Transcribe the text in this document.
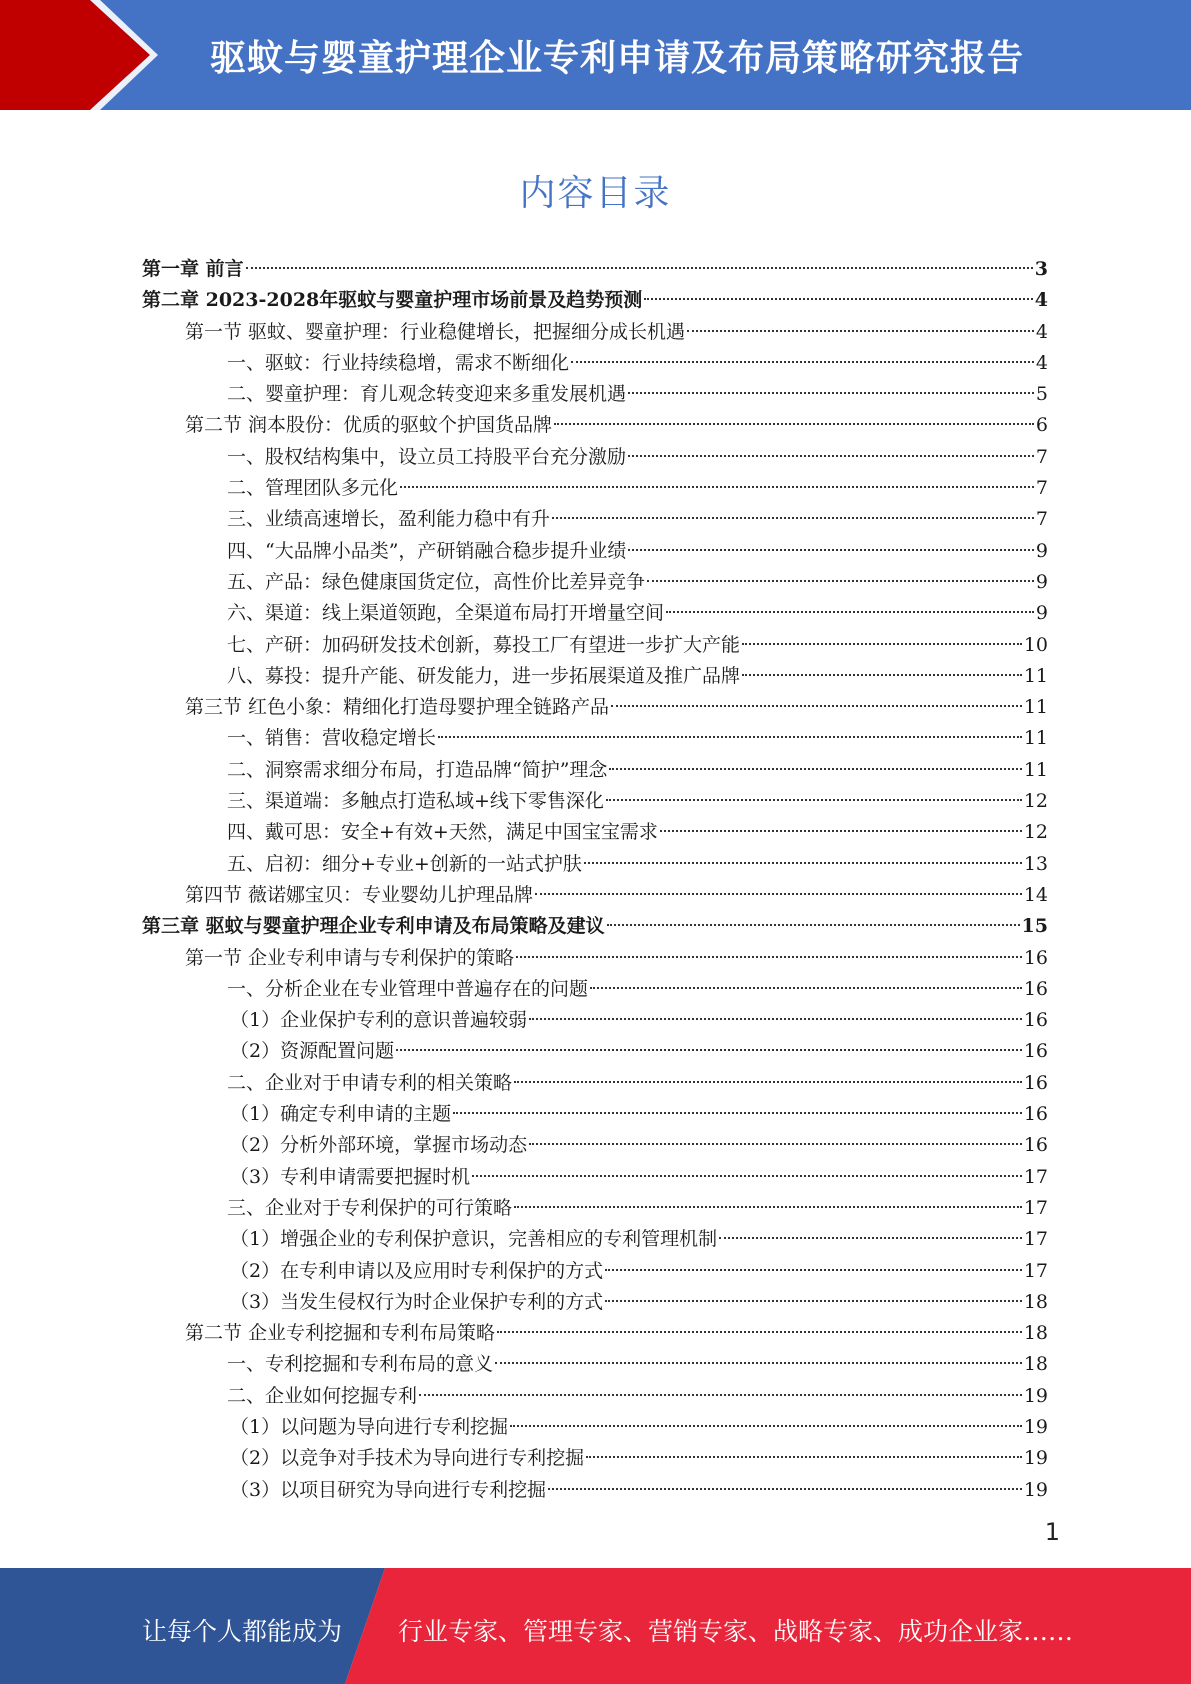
驱蚊与婴童护理企业专利申请及布局策略研究报告
内容目录
第一章 前言	3
第二章 2023-2028年驱蚊与婴童护理市场前景及趋势预测	4
第一节 驱蚊、婴童护理：行业稳健增长，把握细分成长机遇	4
一、驱蚊：行业持续稳增，需求不断细化	4
二、婴童护理：育儿观念转变迎来多重发展机遇	5
第二节 润本股份：优质的驱蚊个护国货品牌	6
一、股权结构集中，设立员工持股平台充分激励	7
二、管理团队多元化	7
三、业绩高速增长，盈利能力稳中有升	7
四、“大品牌小品类”，产研销融合稳步提升业绩	9
五、产品：绿色健康国货定位，高性价比差异竞争	9
六、渠道：线上渠道领跑，全渠道布局打开增量空间	9
七、产研：加码研发技术创新，募投工厂有望进一步扩大产能	10
八、募投：提升产能、研发能力，进一步拓展渠道及推广品牌	11
第三节 红色小象：精细化打造母婴护理全链路产品	11
一、销售：营收稳定增长	11
二、洞察需求细分布局，打造品牌“简护”理念	11
三、渠道端：多触点打造私域+线下零售深化	12
四、戴可思：安全+有效+天然，满足中国宝宝需求	12
五、启初：细分+专业+创新的一站式护肤	13
第四节 薇诺娜宝贝：专业婴幼儿护理品牌	14
第三章 驱蚊与婴童护理企业专利申请及布局策略及建议	15
第一节 企业专利申请与专利保护的策略	16
一、分析企业在专业管理中普遍存在的问题	16
（1）企业保护专利的意识普遍较弱	16
（2）资源配置问题	16
二、企业对于申请专利的相关策略	16
（1）确定专利申请的主题	16
（2）分析外部环境，掌握市场动态	16
（3）专利申请需要把握时机	17
三、企业对于专利保护的可行策略	17
（1）增强企业的专利保护意识，完善相应的专利管理机制	17
（2）在专利申请以及应用时专利保护的方式	17
（3）当发生侵权行为时企业保护专利的方式	18
第二节 企业专利挖掘和专利布局策略	18
一、专利挖掘和专利布局的意义	18
二、企业如何挖掘专利	19
（1）以问题为导向进行专利挖掘	19
（2）以竞争对手技术为导向进行专利挖掘	19
（3）以项目研究为导向进行专利挖掘	19
1
让每个人都能成为 行业专家、管理专家、营销专家、战略专家、成功企业家……
